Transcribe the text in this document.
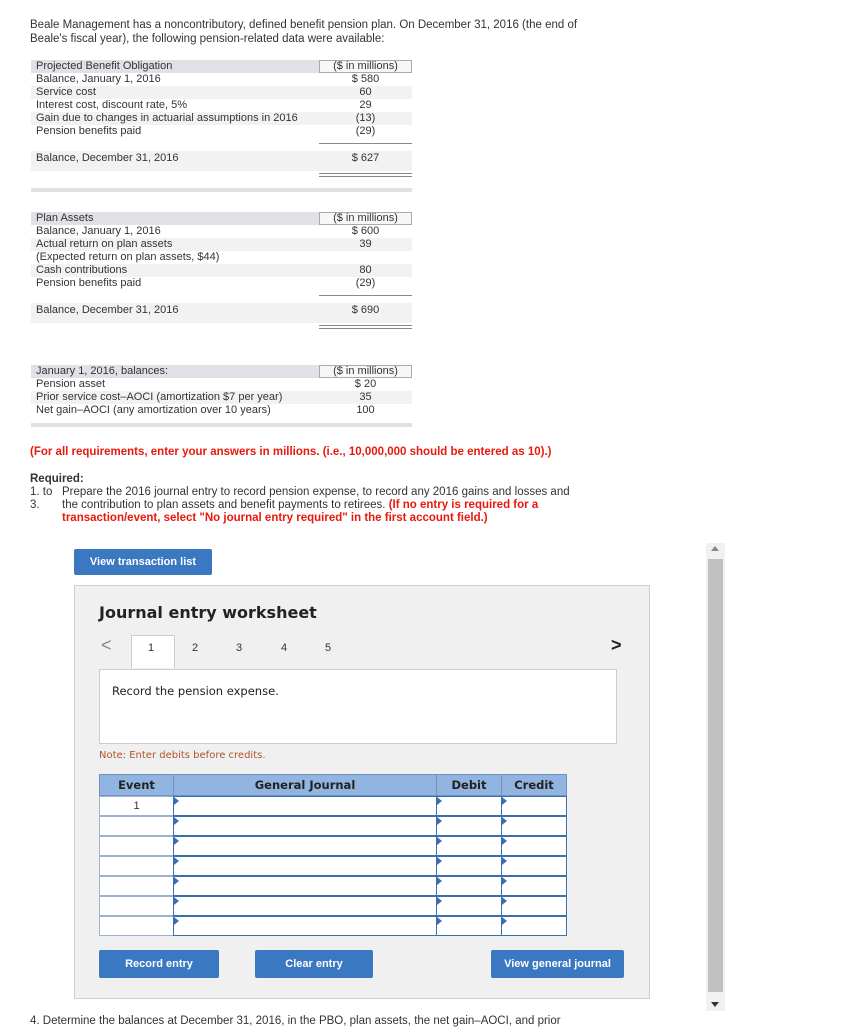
Beale Management has a noncontributory, defined benefit pension plan. On December 31, 2016 (the end of Beale's fiscal year), the following pension-related data were available:
Projected Benefit Obligation	($ in millions)
Balance, January 1, 2016	$ 580
Service cost	60
Interest cost, discount rate, 5%	29
Gain due to changes in actuarial assumptions in 2016	(13)
Pension benefits paid	(29)
Balance, December 31, 2016	$ 627
Plan Assets	($ in millions)
Balance, January 1, 2016	$ 600
Actual return on plan assets	39
(Expected return on plan assets, $44)
Cash contributions	80
Pension benefits paid	(29)
Balance, December 31, 2016	$ 690
January 1, 2016, balances:	($ in millions)
Pension asset	$ 20
Prior service cost–AOCI (amortization $7 per year)	35
Net gain–AOCI (any amortization over 10 years)	100
(For all requirements, enter your answers in millions. (i.e., 10,000,000 should be entered as 10).)
Required:
1. to
3.
Prepare the 2016 journal entry to record pension expense, to record any 2016 gains and losses and the contribution to plan assets and benefit payments to retirees. (If no entry is required for a transaction/event, select "No journal entry required" in the first account field.)
View transaction list
Journal entry worksheet
<	1	2	3	4	5	>
Record the pension expense.
Note: Enter debits before credits.
Event	General Journal	Debit	Credit
1
Record entry	Clear entry	View general journal
4. Determine the balances at December 31, 2016, in the PBO, plan assets, the net gain–AOCI, and prior
